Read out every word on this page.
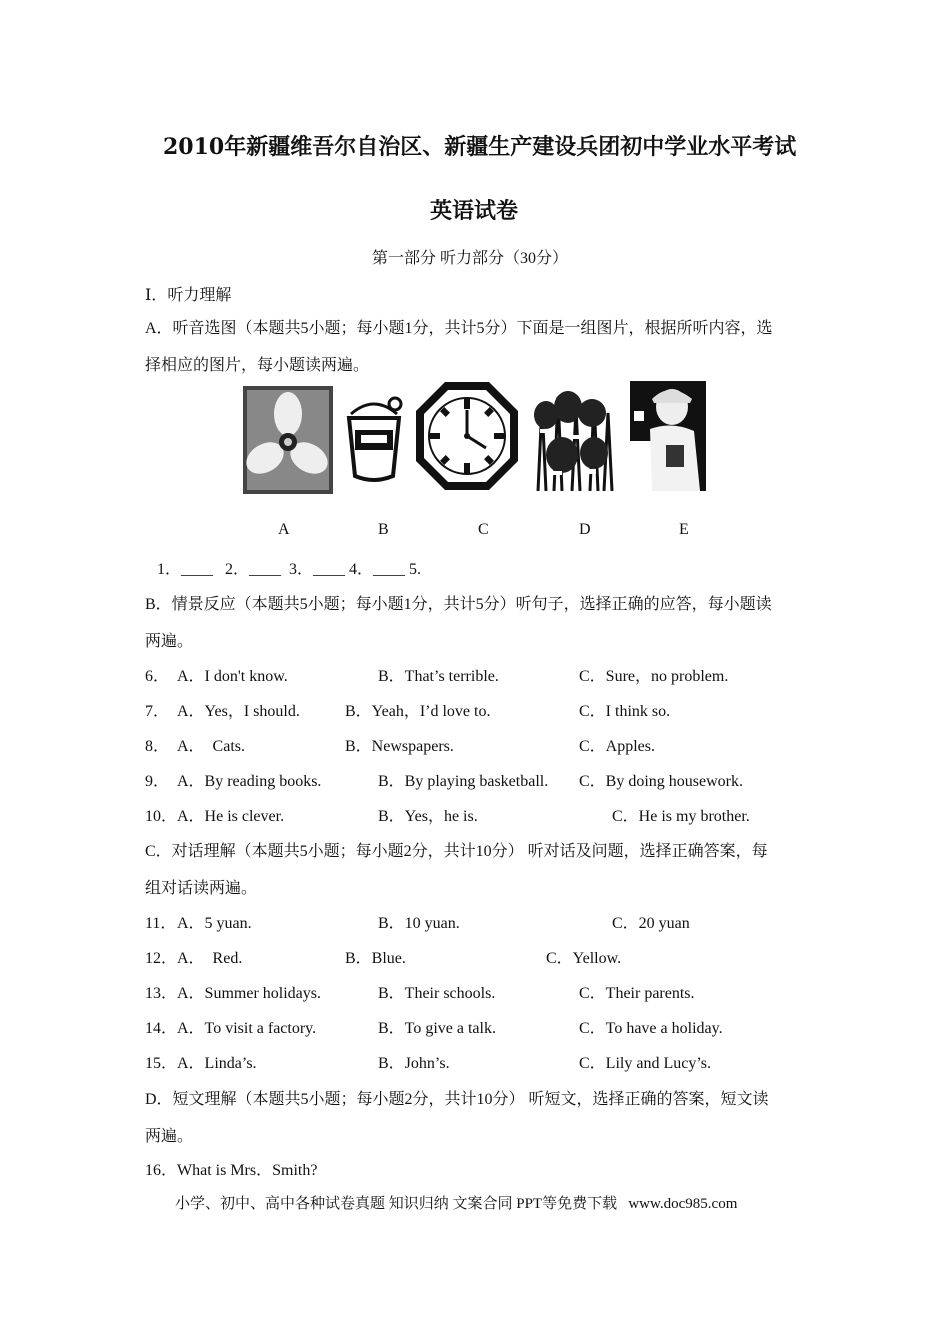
2010年新疆维吾尔自治区、新疆生产建设兵团初中学业水平考试
英语试卷
第一部分 听力部分（30分）
Ⅰ．听力理解
A．听音选图（本题共5小题；每小题1分，共计5分）下面是一组图片，根据所听内容，选
择相应的图片，每小题读两遍。
A	B	C	D	E
1．____   2．____  3．____ 4．____ 5.
B．情景反应（本题共5小题；每小题1分，共计5分）听句子，选择正确的应答，每小题读
两遍。
6． A．I don't know.	B．That’s terrible.	C．Sure，no problem.
7． A．Yes，I should.	B．Yeah，I’d love to.	C．I think so.
8． A．  Cats.	B．Newspapers.	C．Apples.
9． A．By reading books.	B．By playing basketball. C．By doing housework.
10． A．He is clever.	B．Yes，he is.	C．He is my brother.
C．对话理解（本题共5小题；每小题2分，共计10分） 听对话及问题，选择正确答案，每
组对话读两遍。
11． A．5 yuan.	B．10 yuan.	C．20 yuan
12． A．  Red.	B．Blue.	C．Yellow.
13． A．Summer holidays.	B．Their schools.	C．Their parents.
14． A．To visit a factory.	B．To give a talk.	C．To have a holiday.
15． A．Linda’s.	B．John’s.	C．Lily and Lucy’s.
D．短文理解（本题共5小题；每小题2分，共计10分） 听短文，选择正确的答案，短文读
两遍。
16．What is Mrs．Smith?
小学、初中、高中各种试卷真题 知识归纳 文案合同 PPT等免费下载   www.doc985.com
